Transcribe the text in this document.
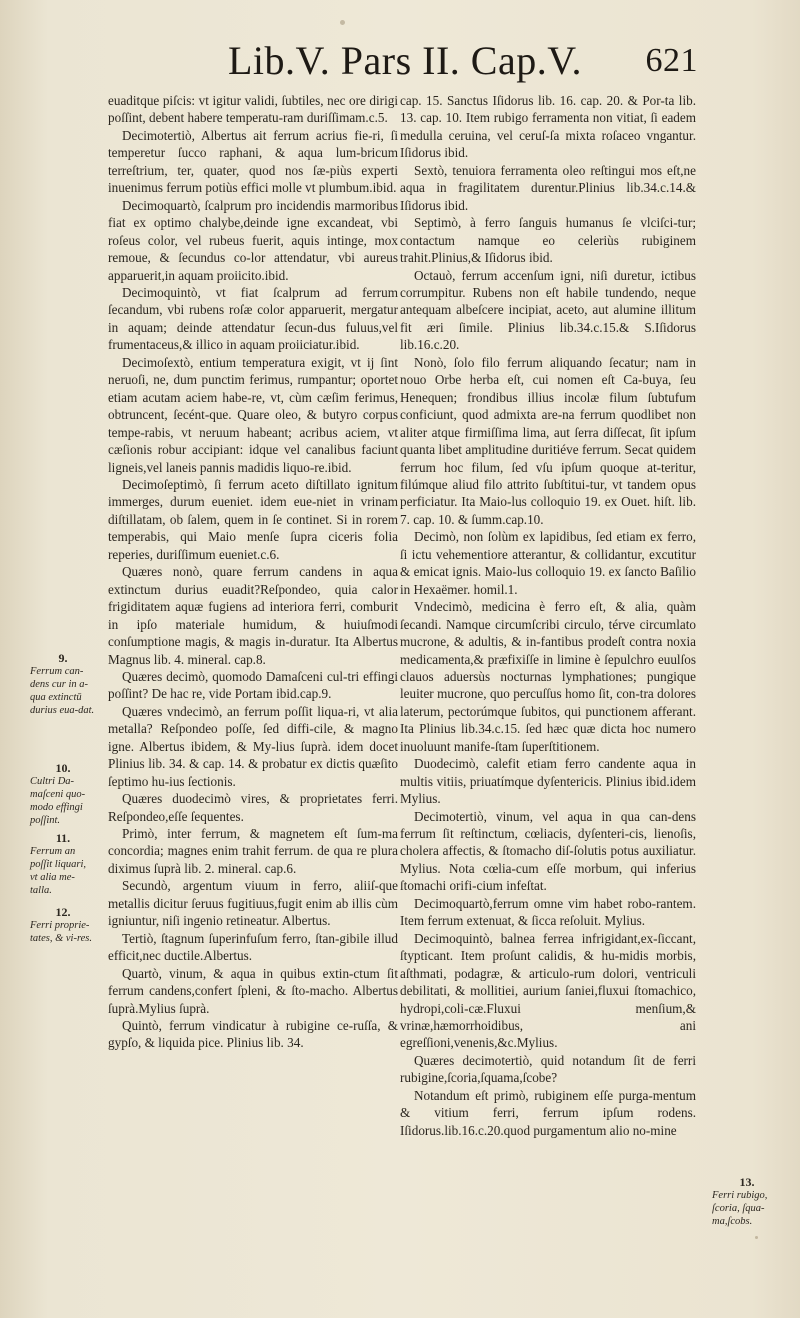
Lib.V. Pars II. Cap.V. 621

euaditque piſcis: vt igitur validi, ſubtiles, nec ore dirigi poſſint, debent habere temperatu-ram duriſſimam.c.5.

Decimotertiò, Albertus ait ferrum acrius fie-ri, ſi temperetur ſucco raphani, & aqua lum-bricum terreſtrium, ter, quater, quod nos ſæ-piùs experti inuenimus ferrum potiùs effici molle vt plumbum.ibid.

Decimoquartò, ſcalprum pro incidendis marmoribus fiat ex optimo chalybe,deinde igne excandeat, vbi roſeus color, vel rubeus fuerit, aquis intinge, mox remoue, & ſecundus co-lor attendatur, vbi aureus apparuerit,in aquam proiicito.ibid.

Decimoquintò, vt fiat ſcalprum ad ferrum ſecandum, vbi rubens roſæ color apparuerit, mergatur in aquam; deinde attendatur ſecun-dus fuluus,vel frumentaceus,& illico in aquam proiiciatur.ibid.

Decimoſextò, entium temperatura exigit, vt ij ſint neruoſi, ne, dum punctim ferimus, rumpantur; oportet etiam acutam aciem habe-re, vt, cùm cæſim ferimus, obtruncent, ſecént-que. Quare oleo, & butyro corpus tempe-rabis, vt neruum habeant; acribus aciem, vt cæſionis robur accipiant: idque vel canalibus faciunt ligneis,vel laneis pannis madidis liquo-re.ibid.

Decimoſeptimò, ſi ferrum aceto diſtillato ignitum immerges, durum eueniet. idem eue-niet in vrinam diſtillatam, ob ſalem, quem in ſe continet. Si in rorem temperabis, qui Maio menſe ſupra ciceris folia reperies, duriſſimum eueniet.c.6.

Quæres nonò, quare ferrum candens in aqua extinctum durius euadit?Reſpondeo, quia calor frigiditatem aquæ fugiens ad interiora ferri, comburit in ipſo materiale humidum, & huiuſmodi conſumptione magis, & magis in-duratur. Ita Albertus Magnus lib. 4. mineral. cap.8.

Quæres decimò, quomodo Damaſceni cul-tri effingi poſſint? De hac re, vide Portam ibid.cap.9.

Quæres vndecimò, an ferrum poſſit liqua-ri, vt alia metalla? Reſpondeo poſſe, ſed diffi-cile, & magno igne. Albertus ibidem, & My-lius ſuprà. idem docet Plinius lib. 34. & cap. 14. & probatur ex dictis quæſito ſeptimo hu-ius ſectionis.

Quæres duodecimò vires, & proprietates ferri. Reſpondeo,eſſe ſequentes.

Primò, inter ferrum, & magnetem eſt ſum-ma concordia; magnes enim trahit ferrum. de qua re plura diximus ſuprà lib. 2. mineral. cap.6.

Secundò, argentum viuum in ferro, aliiſ-que metallis dicitur ſeruus fugitiuus,fugit enim ab illis cùm igniuntur, niſi ingenio retineatur. Albertus.

Tertiò, ſtagnum ſuperinfuſum ferro, ſtan-gibile illud efficit,nec ductile.Albertus.

Quartò, vinum, & aqua in quibus extin-ctum ſit ferrum candens,confert ſpleni, & ſto-macho. Albertus ſuprà.Mylius ſuprà.

Quintò, ferrum vindicatur à rubigine ce-ruſſa, & gypſo, & liquida pice. Plinius lib. 34.

cap. 15. Sanctus Iſidorus lib. 16. cap. 20. & Por-ta lib. 13. cap. 10. Item rubigo ferramenta non vitiat, ſi eadem medulla ceruina, vel ceruſ-ſa mixta roſaceo vngantur. Iſidorus ibid.

Sextò, tenuiora ferramenta oleo reſtingui mos eſt,ne aqua in fragilitatem durentur.Plinius lib.34.c.14.& Iſidorus ibid.

Septimò, à ferro ſanguis humanus ſe vlciſci-tur; contactum namque eo celeriùs rubiginem trahit.Plinius,& Iſidorus ibid.

Octauò, ferrum accenſum igni, niſi duretur, ictibus corrumpitur. Rubens non eſt habile tundendo, neque antequam albeſcere incipiat, aceto, aut alumine illitum fit æri ſimile. Plinius lib.34.c.15.& S.Iſidorus lib.16.c.20.

Nonò, ſolo filo ferrum aliquando ſecatur; nam in nouo Orbe herba eſt, cui nomen eſt Ca-buya, ſeu Henequen; frondibus illius incolæ filum ſubtufum conficiunt, quod admixta are-na ferrum quodlibet non aliter atque firmiſſima lima, aut ſerra diſſecat, ſit ipſum quanta libet amplitudine duritiéve ferrum. Secat quidem ferrum hoc filum, ſed vſu ipſum quoque at-teritur, filúmque aliud filo attrito ſubſtitui-tur, vt tandem opus perficiatur. Ita Maio-lus colloquio 19. ex Ouet. hiſt. lib. 7. cap. 10. & ſumm.cap.10.

Decimò, non ſolùm ex lapidibus, ſed etiam ex ferro, ſi ictu vehementiore atterantur, & collidantur, excutitur & emicat ignis. Maio-lus colloquio 19. ex ſancto Baſilio in Hexaëmer. homil.1.

Vndecimò, medicina è ferro eſt, & alia, quàm ſecandi. Namque circumſcribi circulo, térve circumlato mucrone, & adultis, & in-fantibus prodeſt contra noxia medicamenta,& præfixiſſe in limine è ſepulchro euulſos clauos aduersùs nocturnas lymphationes; pungique leuiter mucrone, quo percuſſus homo ſit, con-tra dolores laterum, pectorúmque ſubitos, qui punctionem afferant. Ita Plinius lib.34.c.15. ſed hæc quæ dicta hoc numero inuoluunt manife-ſtam ſuperſtitionem.

Duodecimò, calefit etiam ferro candente aqua in multis vitiis, priuatímque dyſentericis. Plinius ibid.idem Mylius.

Decimotertiò, vinum, vel aqua in qua can-dens ferrum ſit reſtinctum, cœliacis, dyſenteri-cis, lienoſis, cholera affectis, & ſtomacho diſ-ſolutis potus auxiliatur. Mylius. Nota cœlia-cum eſſe morbum, qui inferius ſtomachi orifi-cium infeſtat.

Decimoquartò,ferrum omne vim habet robo-rantem. Item ferrum extenuat, & ſicca reſoluit. Mylius.

Decimoquintò, balnea ferrea infrigidant,ex-ſiccant, ſtypticant. Item proſunt calidis, & hu-midis morbis, aſthmati, podagræ, & articulo-rum dolori, ventriculi debilitati, & mollitiei, aurium ſaniei,fluxui ſtomachico, hydropi,coli-cæ.Fluxui menſium,& vrinæ,hæmorrhoidibus, ani egreſſioni,venenis,&c.Mylius.

Quæres decimotertiò, quid notandum ſit de ferri rubigine,ſcoria,ſquama,ſcobe?

Notandum eſt primò, rubiginem eſſe purga-mentum & vitium ferri, ferrum ipſum rodens. Iſidorus.lib.16.c.20.quod purgamentum alio no-mine

9.
Ferrum can-dens cur in a-qua extinctū durius eua-dat.
10.
Cultri Da-maſceni quo-modo effingi poſſint.
11.
Ferrum an poſſit liquari, vt alia me-talla.
12.
Ferri proprie-tates, & vi-res.
13.
Ferri rubigo, ſcoria, ſqua-ma,ſcobs.
